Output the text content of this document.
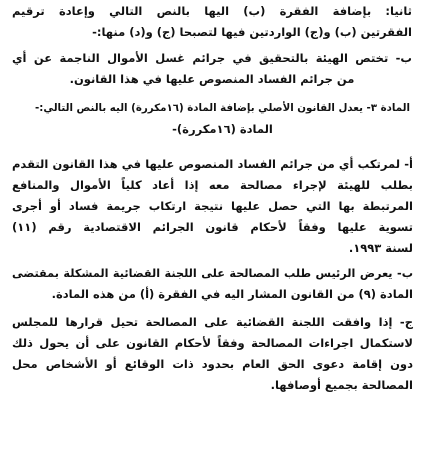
ثانيا: بإضافة الفقرة (ب) اليها بالنص التالي وإعادة ترقيم
الفقرتين (ب) و(ج) الواردتين فيها لتصبحا (ج) و(د) منها:-
ب- تختص الهيئة بالتحقيق في جرائم غسل الأموال الناجمة عن أي
من جرائم الفساد المنصوص عليها في هذا القانون.
المادة ٣- يعدل القانون الأصلي بإضافة المادة (١٦مكررة) اليه بالنص التالي:-
المادة (١٦مكررة)-
أ- لمرتكب أي من جرائم الفساد المنصوص عليها في هذا القانون التقدم
بطلب للهيئة لإجراء مصالحة معه إذا أعاد كلياً الأموال والمنافع
المرتبطة بها التي حصل عليها نتيجة ارتكاب جريمة فساد أو أجرى
تسوية عليها وفقاً لأحكام قانون الجرائم الاقتصادية رقم (١١)
لسنة ١٩٩٣.
ب- يعرض الرئيس طلب المصالحة على اللجنة القضائية المشكلة بمقتضى
المادة (٩) من القانون المشار اليه في الفقرة (أ) من هذه المادة.
ج- إذا وافقت اللجنة القضائية على المصالحة تحيل قرارها للمجلس
لاستكمال اجراءات المصالحة وفقاً لأحكام القانون على أن يحول ذلك
دون إقامة دعوى الحق العام بحدود ذات الوقائع أو الأشخاص محل
المصالحة بجميع أوصافها.
